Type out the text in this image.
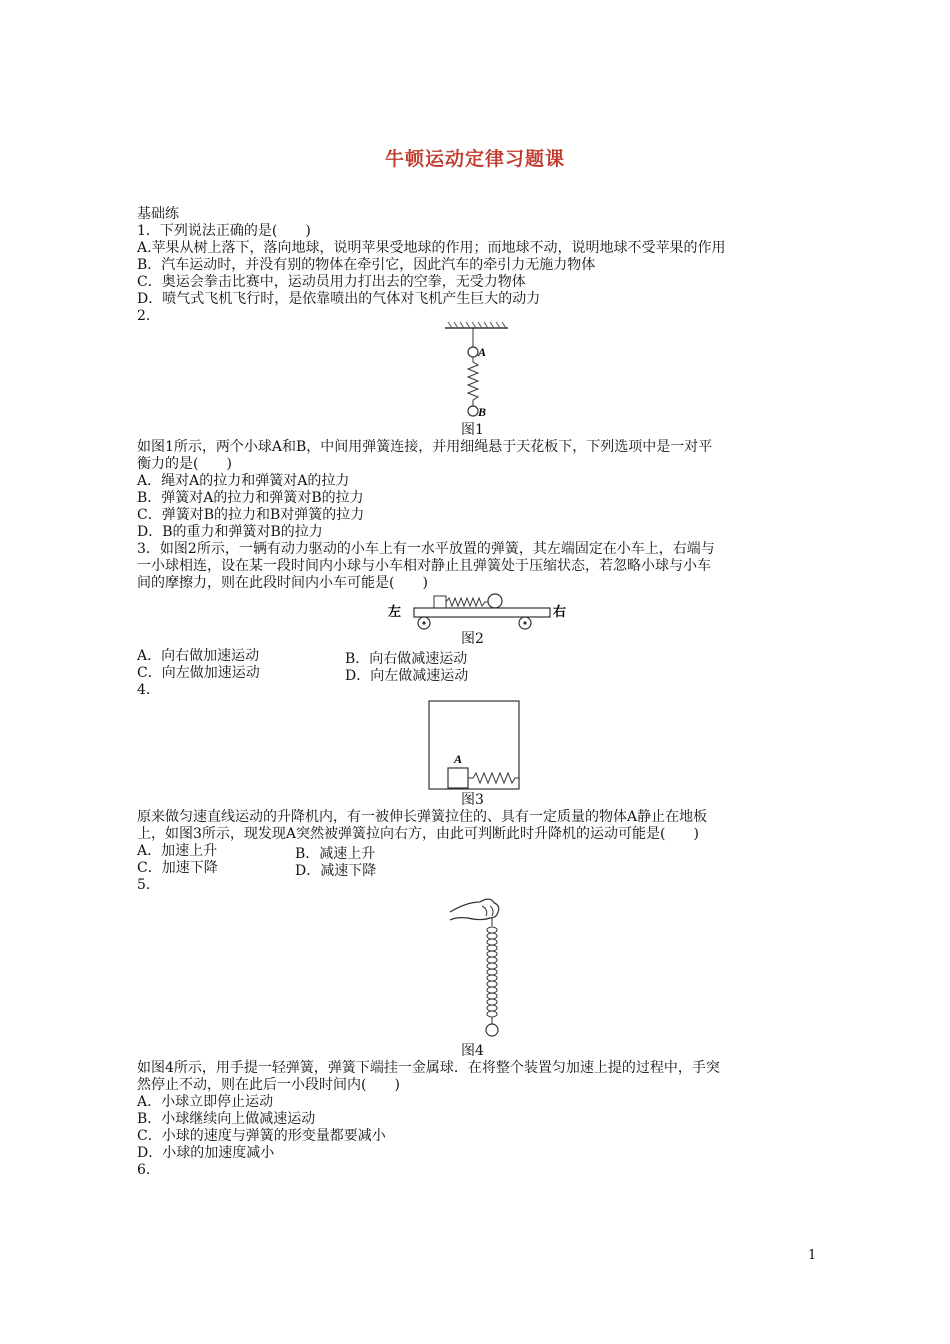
牛顿运动定律习题课
基础练
1．下列说法正确的是(　　)
A.苹果从树上落下，落向地球，说明苹果受地球的作用；而地球不动，说明地球不受苹果的作用
B．汽车运动时，并没有别的物体在牵引它，因此汽车的牵引力无施力物体
C．奥运会拳击比赛中，运动员用力打出去的空拳，无受力物体
D．喷气式飞机飞行时，是依靠喷出的气体对飞机产生巨大的动力
2.
A
B
图1
如图1所示，两个小球A和B，中间用弹簧连接，并用细绳悬于天花板下，下列选项中是一对平
衡力的是(　　)
A．绳对A的拉力和弹簧对A的拉力
B．弹簧对A的拉力和弹簧对B的拉力
C．弹簧对B的拉力和B对弹簧的拉力
D．B的重力和弹簧对B的拉力
3．如图2所示，一辆有动力驱动的小车上有一水平放置的弹簧，其左端固定在小车上，右端与
一小球相连，设在某一段时间内小球与小车相对静止且弹簧处于压缩状态，若忽略小球与小车
间的摩擦力，则在此段时间内小车可能是(　　)
左	右
图2
A．向右做加速运动	B．向右做减速运动
C．向左做加速运动	D．向左做减速运动
4.
A
图3
原来做匀速直线运动的升降机内，有一被伸长弹簧拉住的、具有一定质量的物体A静止在地板
上，如图3所示，现发现A突然被弹簧拉向右方，由此可判断此时升降机的运动可能是(　　)
A．加速上升	B．减速上升
C．加速下降	D．减速下降
5.
图4
如图4所示，用手提一轻弹簧，弹簧下端挂一金属球．在将整个装置匀加速上提的过程中，手突
然停止不动，则在此后一小段时间内(　　)
A．小球立即停止运动
B．小球继续向上做减速运动
C．小球的速度与弹簧的形变量都要减小
D．小球的加速度减小
6.
1
